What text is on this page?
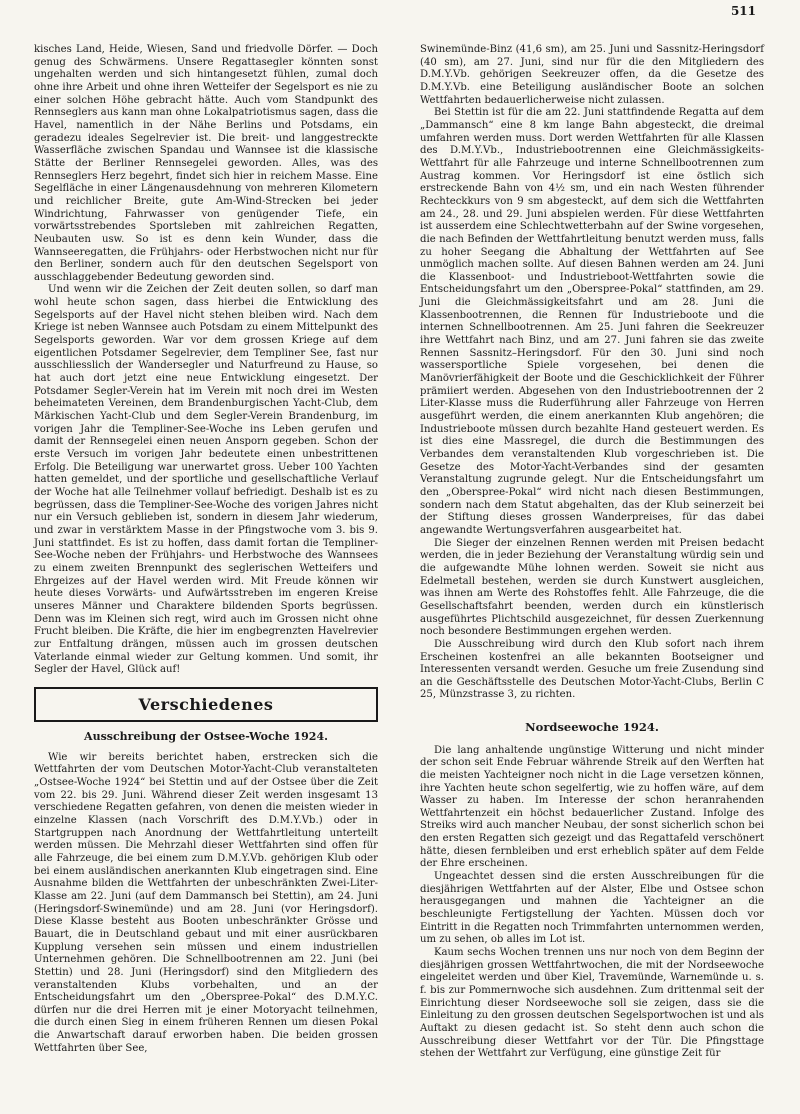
511

kisches Land, Heide, Wiesen, Sand und friedvolle Dörfer. — Doch genug des Schwärmens. Unsere Regattasegler könnten sonst ungehalten werden und sich hintangesetzt fühlen, zumal doch ohne ihre Arbeit und ohne ihren Wetteifer der Segelsport es nie zu einer solchen Höhe gebracht hätte. Auch vom Standpunkt des Rennseglers aus kann man ohne Lokalpatriotismus sagen, dass die Havel, namentlich in der Nähe Berlins und Potsdams, ein geradezu ideales Segelrevier ist. Die breit- und langgestreckte Wasserfläche zwischen Spandau und Wannsee ist die klassische Stätte der Berliner Rennsegelei geworden. Alles, was des Rennseglers Herz begehrt, findet sich hier in reichem Masse. Eine Segelfläche in einer Längenausdehnung von mehreren Kilometern und reichlicher Breite, gute Am-Wind-Strecken bei jeder Windrichtung, Fahrwasser von genügender Tiefe, ein vorwärtsstrebendes Sportsleben mit zahlreichen Regatten, Neubauten usw. So ist es denn kein Wunder, dass die Wannseeregatten, die Frühjahrs- oder Herbstwochen nicht nur für den Berliner, sondern auch für den deutschen Segelsport von ausschlaggebender Bedeutung geworden sind.

Und wenn wir die Zeichen der Zeit deuten sollen, so darf man wohl heute schon sagen, dass hierbei die Entwicklung des Segelsports auf der Havel nicht stehen bleiben wird. Nach dem Kriege ist neben Wannsee auch Potsdam zu einem Mittelpunkt des Segelsports geworden. War vor dem grossen Kriege auf dem eigentlichen Potsdamer Segelrevier, dem Templiner See, fast nur ausschliesslich der Wandersegler und Naturfreund zu Hause, so hat auch dort jetzt eine neue Entwicklung eingesetzt. Der Potsdamer Segler-Verein hat im Verein mit noch drei im Westen beheimateten Vereinen, dem Brandenburgischen Yacht-Club, dem Märkischen Yacht-Club und dem Segler-Verein Brandenburg, im vorigen Jahr die Templiner-See-Woche ins Leben gerufen und damit der Rennsegelei einen neuen Ansporn gegeben. Schon der erste Versuch im vorigen Jahr bedeutete einen unbestrittenen Erfolg. Die Beteiligung war unerwartet gross. Ueber 100 Yachten hatten gemeldet, und der sportliche und gesellschaftliche Verlauf der Woche hat alle Teilnehmer vollauf befriedigt. Deshalb ist es zu begrüssen, dass die Templiner-See-Woche des vorigen Jahres nicht nur ein Versuch geblieben ist, sondern in diesem Jahr wiederum, und zwar in verstärktem Masse in der Pfingstwoche vom 3. bis 9. Juni stattfindet. Es ist zu hoffen, dass damit fortan die Templiner-See-Woche neben der Frühjahrs- und Herbstwoche des Wannsees zu einem zweiten Brennpunkt des seglerischen Wetteifers und Ehrgeizes auf der Havel werden wird. Mit Freude können wir heute dieses Vorwärts- und Aufwärtsstreben im engeren Kreise unseres Männer und Charaktere bildenden Sports begrüssen. Denn was im Kleinen sich regt, wird auch im Grossen nicht ohne Frucht bleiben. Die Kräfte, die hier im engbegrenzten Havelrevier zur Entfaltung drängen, müssen auch im grossen deutschen Vaterlande einmal wieder zur Geltung kommen. Und somit, ihr Segler der Havel, Glück auf!

Verschiedenes
Ausschreibung der Ostsee-Woche 1924.

Wie wir bereits berichtet haben, erstrecken sich die Wettfahrten der vom Deutschen Motor-Yacht-Club veranstalteten „Ostsee-Woche 1924“ bei Stettin und auf der Ostsee über die Zeit vom 22. bis 29. Juni. Während dieser Zeit werden insgesamt 13 verschiedene Regatten gefahren, von denen die meisten wieder in einzelne Klassen (nach Vorschrift des D.M.Y.Vb.) oder in Startgruppen nach Anordnung der Wettfahrtleitung unterteilt werden müssen. Die Mehrzahl dieser Wettfahrten sind offen für alle Fahrzeuge, die bei einem zum D.M.Y.Vb. gehörigen Klub oder bei einem ausländischen anerkannten Klub eingetragen sind. Eine Ausnahme bilden die Wettfahrten der unbeschränkten Zwei-Liter-Klasse am 22. Juni (auf dem Dammansch bei Stettin), am 24. Juni (Heringsdorf-Swinemünde) und am 28. Juni (vor Heringsdorf). Diese Klasse besteht aus Booten unbeschränkter Grösse und Bauart, die in Deutschland gebaut und mit einer ausrückbaren Kupplung versehen sein müssen und einem industriellen Unternehmen gehören. Die Schnellbootrennen am 22. Juni (bei Stettin) und 28. Juni (Heringsdorf) sind den Mitgliedern des veranstaltenden Klubs vorbehalten, und an der Entscheidungsfahrt um den „Oberspree-Pokal“ des D.M.Y.C. dürfen nur die drei Herren mit je einer Motoryacht teilnehmen, die durch einen Sieg in einem früheren Rennen um diesen Pokal die Anwartschaft darauf erworben haben. Die beiden grossen Wettfahrten über See,

Swinemünde-Binz (41,6 sm), am 25. Juni und Sassnitz-Heringsdorf (40 sm), am 27. Juni, sind nur für die den Mitgliedern des D.M.Y.Vb. gehörigen Seekreuzer offen, da die Gesetze des D.M.Y.Vb. eine Beteiligung ausländischer Boote an solchen Wettfahrten bedauerlicherweise nicht zulassen.

Bei Stettin ist für die am 22. Juni stattfindende Regatta auf dem „Dammansch“ eine 8 km lange Bahn abgesteckt, die dreimal umfahren werden muss. Dort werden Wettfahrten für alle Klassen des D.M.Y.Vb., Industriebootrennen eine Gleichmässigkeits-Wettfahrt für alle Fahrzeuge und interne Schnellbootrennen zum Austrag kommen. Vor Heringsdorf ist eine östlich sich erstreckende Bahn von 4½ sm, und ein nach Westen führender Rechteckkurs von 9 sm abgesteckt, auf dem sich die Wettfahrten am 24., 28. und 29. Juni abspielen werden. Für diese Wettfahrten ist ausserdem eine Schlechtwetterbahn auf der Swine vorgesehen, die nach Befinden der Wettfahrtleitung benutzt werden muss, falls zu hoher Seegang die Abhaltung der Wettfahrten auf See unmöglich machen sollte. Auf diesen Bahnen werden am 24. Juni die Klassenboot- und Industrieboot-Wettfahrten sowie die Entscheidungsfahrt um den „Oberspree-Pokal“ stattfinden, am 29. Juni die Gleichmässigkeitsfahrt und am 28. Juni die Klassenbootrennen, die Rennen für Industrieboote und die internen Schnellbootrennen. Am 25. Juni fahren die Seekreuzer ihre Wettfahrt nach Binz, und am 27. Juni fahren sie das zweite Rennen Sassnitz–Heringsdorf. Für den 30. Juni sind noch wassersportliche Spiele vorgesehen, bei denen die Manövrierfähigkeit der Boote und die Geschicklichkeit der Führer prämiiert werden. Abgesehen von den Industriebootrennen der 2 Liter-Klasse muss die Ruderführung aller Fahrzeuge von Herren ausgeführt werden, die einem anerkannten Klub angehören; die Industrieboote müssen durch bezahlte Hand gesteuert werden. Es ist dies eine Massregel, die durch die Bestimmungen des Verbandes dem veranstaltenden Klub vorgeschrieben ist. Die Gesetze des Motor-Yacht-Verbandes sind der gesamten Veranstaltung zugrunde gelegt. Nur die Entscheidungsfahrt um den „Oberspree-Pokal“ wird nicht nach diesen Bestimmungen, sondern nach dem Statut abgehalten, das der Klub seinerzeit bei der Stiftung dieses grossen Wanderpreises, für das dabei angewandte Wertungsverfahren ausgearbeitet hat.

Die Sieger der einzelnen Rennen werden mit Preisen bedacht werden, die in jeder Beziehung der Veranstaltung würdig sein und die aufgewandte Mühe lohnen werden. Soweit sie nicht aus Edelmetall bestehen, werden sie durch Kunstwert ausgleichen, was ihnen am Werte des Rohstoffes fehlt. Alle Fahrzeuge, die die Gesellschaftsfahrt beenden, werden durch ein künstlerisch ausgeführtes Plichtschild ausgezeichnet, für dessen Zuerkennung noch besondere Bestimmungen ergehen werden.

Die Ausschreibung wird durch den Klub sofort nach ihrem Erscheinen kostenfrei an alle bekannten Bootseigner und Interessenten versandt werden. Gesuche um freie Zusendung sind an die Geschäftsstelle des Deutschen Motor-Yacht-Clubs, Berlin C 25, Münzstrasse 3, zu richten.

Nordseewoche 1924.

Die lang anhaltende ungünstige Witterung und nicht minder der schon seit Ende Februar währende Streik auf den Werften hat die meisten Yachteigner noch nicht in die Lage versetzen können, ihre Yachten heute schon segelfertig, wie zu hoffen wäre, auf dem Wasser zu haben. Im Interesse der schon heranrahenden Wettfahrtenzeit ein höchst bedauerlicher Zustand. Infolge des Streiks wird auch mancher Neubau, der sonst sicherlich schon bei den ersten Regatten sich gezeigt und das Regattafeld verschönert hätte, diesen fernbleiben und erst erheblich später auf dem Felde der Ehre erscheinen.

Ungeachtet dessen sind die ersten Ausschreibungen für die diesjährigen Wettfahrten auf der Alster, Elbe und Ostsee schon herausgegangen und mahnen die Yachteigner an die beschleunigte Fertigstellung der Yachten. Müssen doch vor Eintritt in die Regatten noch Trimmfahrten unternommen werden, um zu sehen, ob alles im Lot ist.

Kaum sechs Wochen trennen uns nur noch von dem Beginn der diesjährigen grossen Wettfahrtwochen, die mit der Nordseewoche eingeleitet werden und über Kiel, Travemünde, Warnemünde u. s. f. bis zur Pommernwoche sich ausdehnen. Zum drittenmal seit der Einrichtung dieser Nordseewoche soll sie zeigen, dass sie die Einleitung zu den grossen deutschen Segelsportwochen ist und als Auftakt zu diesen gedacht ist. So steht denn auch schon die Ausschreibung dieser Wettfahrt vor der Tür. Die Pfingsttage stehen der Wettfahrt zur Verfügung, eine günstige Zeit für
